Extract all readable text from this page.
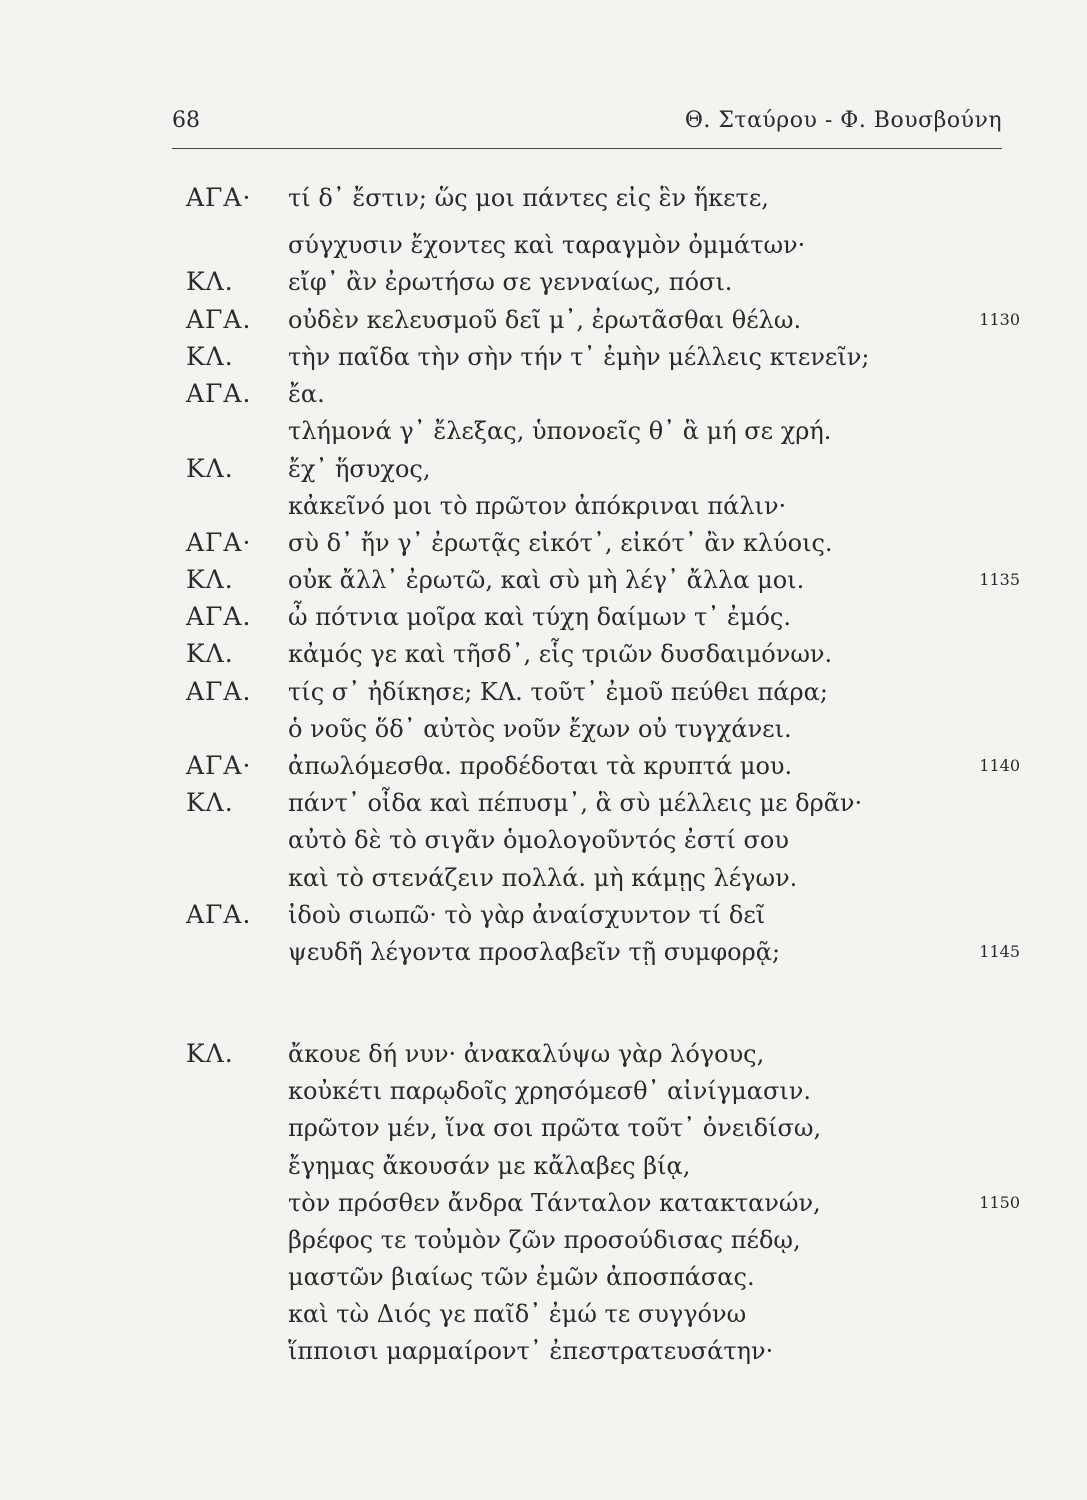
68	Θ. Σταύρου - Φ. Βουσβούνη
ΑΓΑ· τί δ᾽ ἔστιν; ὥς μοι πάντες εἰς ἓν ἥκετε,
σύγχυσιν ἔχοντες καὶ ταραγμὸν ὀμμάτων·
ΚΛ. εἴφ᾽ ἂν ἐρωτήσω σε γενναίως, πόσι.
ΑΓΑ. οὐδὲν κελευσμοῦ δεῖ μ᾽, ἐρωτᾶσθαι θέλω.	1130
ΚΛ. τὴν παῖδα τὴν σὴν τήν τ᾽ ἐμὴν μέλλεις κτενεῖν;
ΑΓΑ. ἔα.
τλήμονά γ᾽ ἔλεξας, ὑπονοεῖς θ᾽ ἃ μή σε χρή.
ΚΛ. ἔχ᾽ ἥσυχος,
κἀκεῖνό μοι τὸ πρῶτον ἀπόκριναι πάλιν·
ΑΓΑ· σὺ δ᾽ ἤν γ᾽ ἐρωτᾷς εἰκότ᾽, εἰκότ᾽ ἂν κλύοις.
ΚΛ. οὐκ ἄλλ᾽ ἐρωτῶ, καὶ σὺ μὴ λέγ᾽ ἄλλα μοι.	1135
ΑΓΑ. ὦ πότνια μοῖρα καὶ τύχη δαίμων τ᾽ ἐμός.
ΚΛ. κἀμός γε καὶ τῆσδ᾽, εἷς τριῶν δυσδαιμόνων.
ΑΓΑ. τίς σ᾽ ἠδίκησε; ΚΛ. τοῦτ᾽ ἐμοῦ πεύθει πάρα;
ὁ νοῦς ὅδ᾽ αὐτὸς νοῦν ἔχων οὐ τυγχάνει.
ΑΓΑ· ἀπωλόμεσθα. προδέδοται τὰ κρυπτά μου.	1140
ΚΛ. πάντ᾽ οἶδα καὶ πέπυσμ᾽, ἃ σὺ μέλλεις με δρᾶν·
αὐτὸ δὲ τὸ σιγᾶν ὁμολογοῦντός ἐστί σου
καὶ τὸ στενάζειν πολλά. μὴ κάμῃς λέγων.
ΑΓΑ. ἰδοὺ σιωπῶ· τὸ γὰρ ἀναίσχυντον τί δεῖ
ψευδῆ λέγοντα προσλαβεῖν τῇ συμφορᾷ;	1145
ΚΛ. ἄκουε δή νυν· ἀνακαλύψω γὰρ λόγους,
κοὐκέτι παρῳδοῖς χρησόμεσθ᾽ αἰνίγμασιν.
πρῶτον μέν, ἵνα σοι πρῶτα τοῦτ᾽ ὀνειδίσω,
ἔγημας ἄκουσάν με κἄλαβες βίᾳ,
τὸν πρόσθεν ἄνδρα Τάνταλον κατακτανών,	1150
βρέφος τε τοὐμὸν ζῶν προσούδισας πέδῳ,
μαστῶν βιαίως τῶν ἐμῶν ἀποσπάσας.
καὶ τὼ Διός γε παῖδ᾽ ἐμώ τε συγγόνω
ἵπποισι μαρμαίροντ᾽ ἐπεστρατευσάτην·
